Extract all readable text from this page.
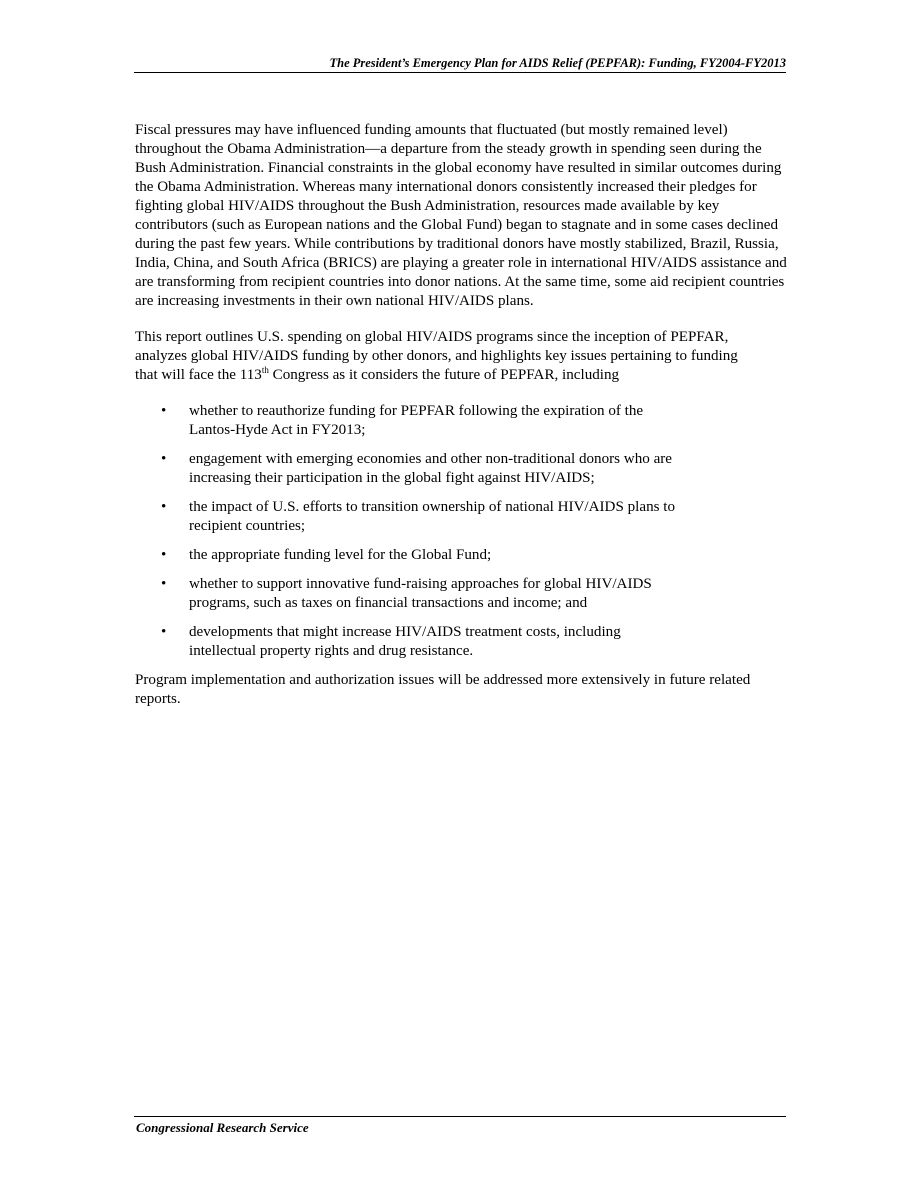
The President’s Emergency Plan for AIDS Relief (PEPFAR): Funding, FY2004-FY2013

Fiscal pressures may have influenced funding amounts that fluctuated (but mostly remained level) throughout the Obama Administration—a departure from the steady growth in spending seen during the Bush Administration. Financial constraints in the global economy have resulted in similar outcomes during the Obama Administration. Whereas many international donors consistently increased their pledges for fighting global HIV/AIDS throughout the Bush Administration, resources made available by key contributors (such as European nations and the Global Fund) began to stagnate and in some cases declined during the past few years. While contributions by traditional donors have mostly stabilized, Brazil, Russia, India, China, and South Africa (BRICS) are playing a greater role in international HIV/AIDS assistance and are transforming from recipient countries into donor nations. At the same time, some aid recipient countries are increasing investments in their own national HIV/AIDS plans.

This report outlines U.S. spending on global HIV/AIDS programs since the inception of PEPFAR, analyzes global HIV/AIDS funding by other donors, and highlights key issues pertaining to funding that will face the 113th Congress as it considers the future of PEPFAR, including

• whether to reauthorize funding for PEPFAR following the expiration of the Lantos-Hyde Act in FY2013;
• engagement with emerging economies and other non-traditional donors who are increasing their participation in the global fight against HIV/AIDS;
• the impact of U.S. efforts to transition ownership of national HIV/AIDS plans to recipient countries;
• the appropriate funding level for the Global Fund;
• whether to support innovative fund-raising approaches for global HIV/AIDS programs, such as taxes on financial transactions and income; and
• developments that might increase HIV/AIDS treatment costs, including intellectual property rights and drug resistance.

Program implementation and authorization issues will be addressed more extensively in future related reports.

Congressional Research Service
